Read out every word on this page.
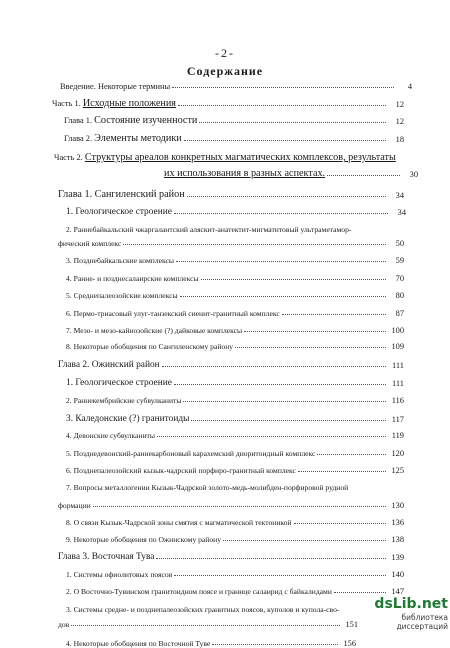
-2-
Содержание
Введение. Некоторые термины	4
Часть 1. Исходные положения	12
Глава 1. Состояние изученности	12
Глава 2. Элементы методики	18
Часть 2. Структуры ареалов конкретных магматических комплексов, результаты
их использования в разных аспектах.	30
Глава 1. Сангиленский район	34
1. Геологическое строение	34
2. Раннебайкальский чжаргалантский аляскит-анатектит-мигматитовый ультраметамор-
фический комплекс	50
3. Позднебайкальские комплексы	59
4. Ранне- и позднесалаирские комплексы	70
5. Среднепалеозойские комплексы	80
6. Пермо-триасовый улуг-танзекский сиенит-гранитный комплекс	87
7. Мезо- и мезо-кайнозойские (?) дайковые комплексы	100
8. Некоторые обобщения по Сангиленскому району	109
Глава 2. Ожинский район	111
1. Геологическое строение	111
2. Раннекембрийские субвулканиты	116
3. Каледонские (?) гранитоиды	117
4. Девонские субвулканиты	119
5. Позднедевонский-раннекарбоновый карахемский диоритоидный комплекс	120
6. Позднепалеозойский кызык-чадрский порфиро-гранитный комплекс	125
7. Вопросы металлогении Кызык-Чадрской золото-медь-молибден-порфировой рудной
формации	130
8. О связи Кызык-Чадрской зоны смятия с магматической тектоникой	136
9. Некоторые обобщения по Ожинскому району	138
Глава 3. Восточная Тува	139
1. Системы офиолитовых поясов	140
2. О Восточно-Тувинском гранитоидном поясе и границе салаирид с байкалидами	147
3. Системы средне- и позднепалеозойских гранитных поясов, куполов и купола-сво-
дов	151
4. Некоторые обобщения по Восточной Туве	156
dsLib.net
библиотека диссертаций
